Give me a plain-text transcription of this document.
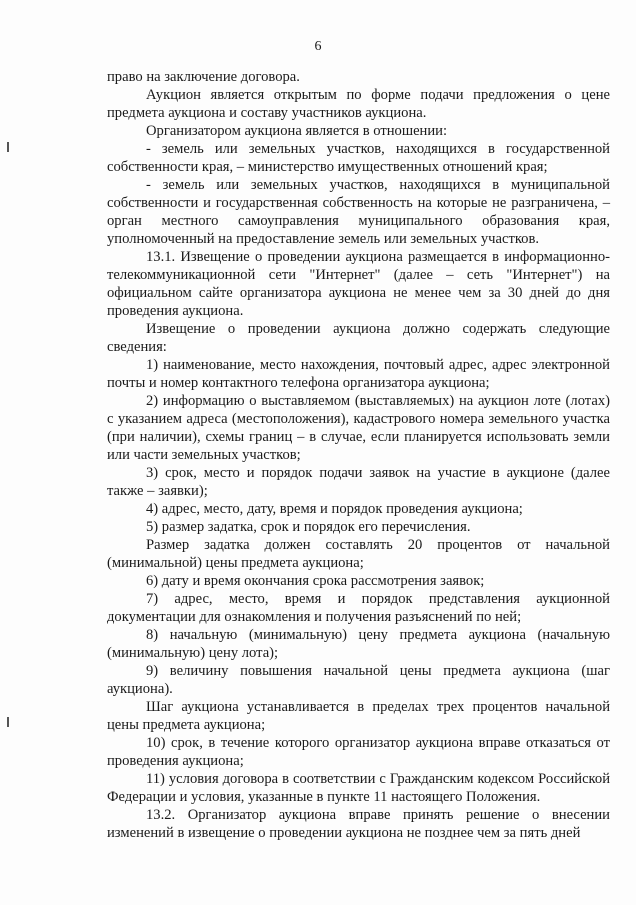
6

право на заключение договора.

Аукцион является открытым по форме подачи предложения о цене предмета аукциона и составу участников аукциона.

Организатором аукциона является в отношении:

- земель или земельных участков, находящихся в государственной собственности края, – министерство имущественных отношений края;

- земель или земельных участков, находящихся в муниципальной собственности и государственная собственность на которые не разграничена, – орган местного самоуправления муниципального образования края, уполномоченный на предоставление земель или земельных участков.

13.1. Извещение о проведении аукциона размещается в информационно-телекоммуникационной сети "Интернет" (далее – сеть "Интернет") на официальном сайте организатора аукциона не менее чем за 30 дней до дня проведения аукциона.

Извещение о проведении аукциона должно содержать следующие сведения:

1) наименование, место нахождения, почтовый адрес, адрес электронной почты и номер контактного телефона организатора аукциона;

2) информацию о выставляемом (выставляемых) на аукцион лоте (лотах) с указанием адреса (местоположения), кадастрового номера земельного участка (при наличии), схемы границ – в случае, если планируется использовать земли или части земельных участков;

3) срок, место и порядок подачи заявок на участие в аукционе (далее также – заявки);

4) адрес, место, дату, время и порядок проведения аукциона;

5) размер задатка, срок и порядок его перечисления.

Размер задатка должен составлять 20 процентов от начальной (минимальной) цены предмета аукциона;

6) дату и время окончания срока рассмотрения заявок;

7) адрес, место, время и порядок представления аукционной документации для ознакомления и получения разъяснений по ней;

8) начальную (минимальную) цену предмета аукциона (начальную (минимальную) цену лота);

9) величину повышения начальной цены предмета аукциона (шаг аукциона).

Шаг аукциона устанавливается в пределах трех процентов начальной цены предмета аукциона;

10) срок, в течение которого организатор аукциона вправе отказаться от проведения аукциона;

11) условия договора в соответствии с Гражданским кодексом Российской Федерации и условия, указанные в пункте 11 настоящего Положения.

13.2. Организатор аукциона вправе принять решение о внесении изменений в извещение о проведении аукциона не позднее чем за пять дней
